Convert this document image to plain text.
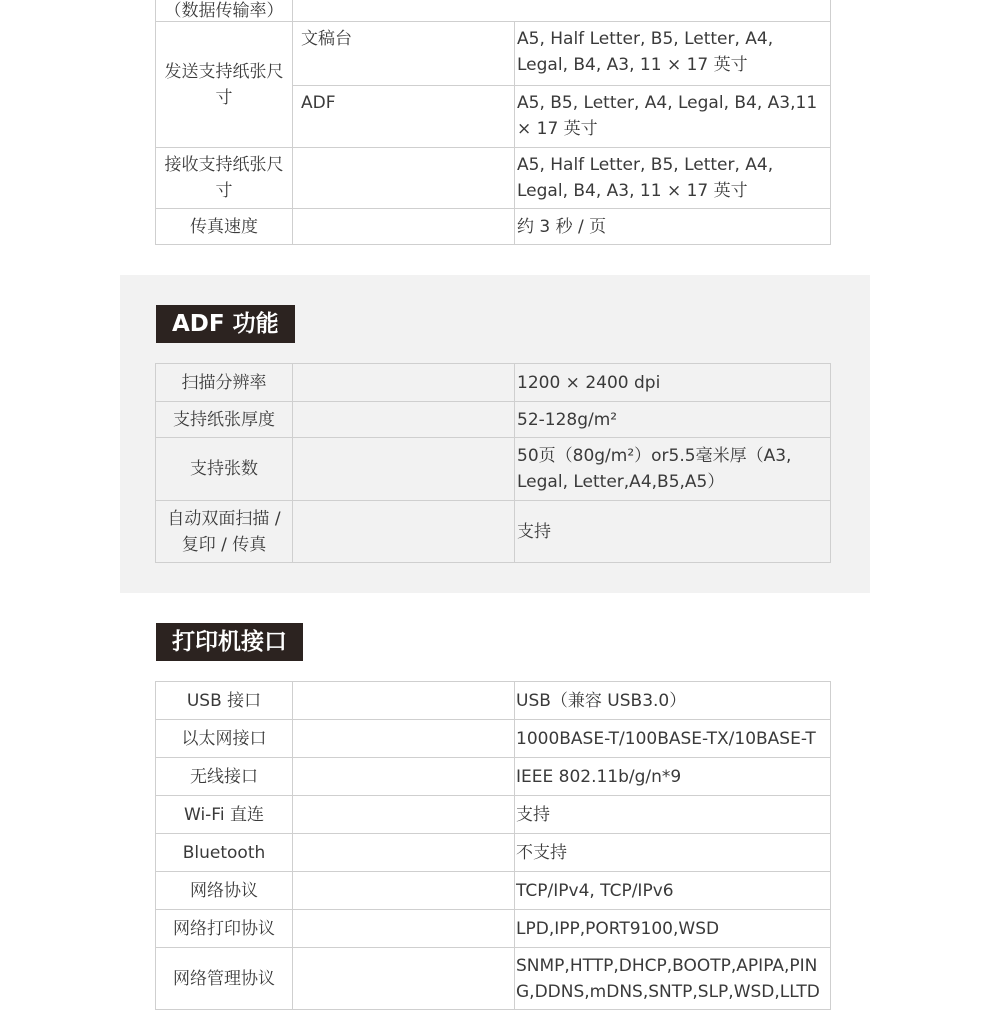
（数据传输率）		
发送支持纸张尺寸	文稿台	A5, Half Letter, B5, Letter, A4, Legal, B4, A3, 11 × 17 英寸

	ADF	A5, B5, Letter, A4, Legal, B4, A3,11 × 17 英寸

接收支持纸张尺寸		A5, Half Letter, B5, Letter, A4, Legal, B4, A3, 11 × 17 英寸

传真速度		约 3 秒 / 页
ADF 功能
扫描分辨率		1200 × 2400 dpi

支持纸张厚度		52-128g/m²

支持张数		50页（80g/m²）or5.5毫米厚（A3, Legal, Letter,A4,B5,A5）

自动双面扫描 / 复印 / 传真		支持
打印机接口
USB 接口		USB（兼容 USB3.0）

以太网接口		1000BASE-T/100BASE-TX/10BASE-T

无线接口		IEEE 802.11b/g/n*9

Wi-Fi 直连		支持

Bluetooth		不支持

网络协议		TCP/IPv4, TCP/IPv6

网络打印协议		LPD,IPP,PORT9100,WSD

网络管理协议		SNMP,HTTP,DHCP,BOOTP,APIPA,PING,DDNS,mDNS,SNTP,SLP,WSD,LLTD
